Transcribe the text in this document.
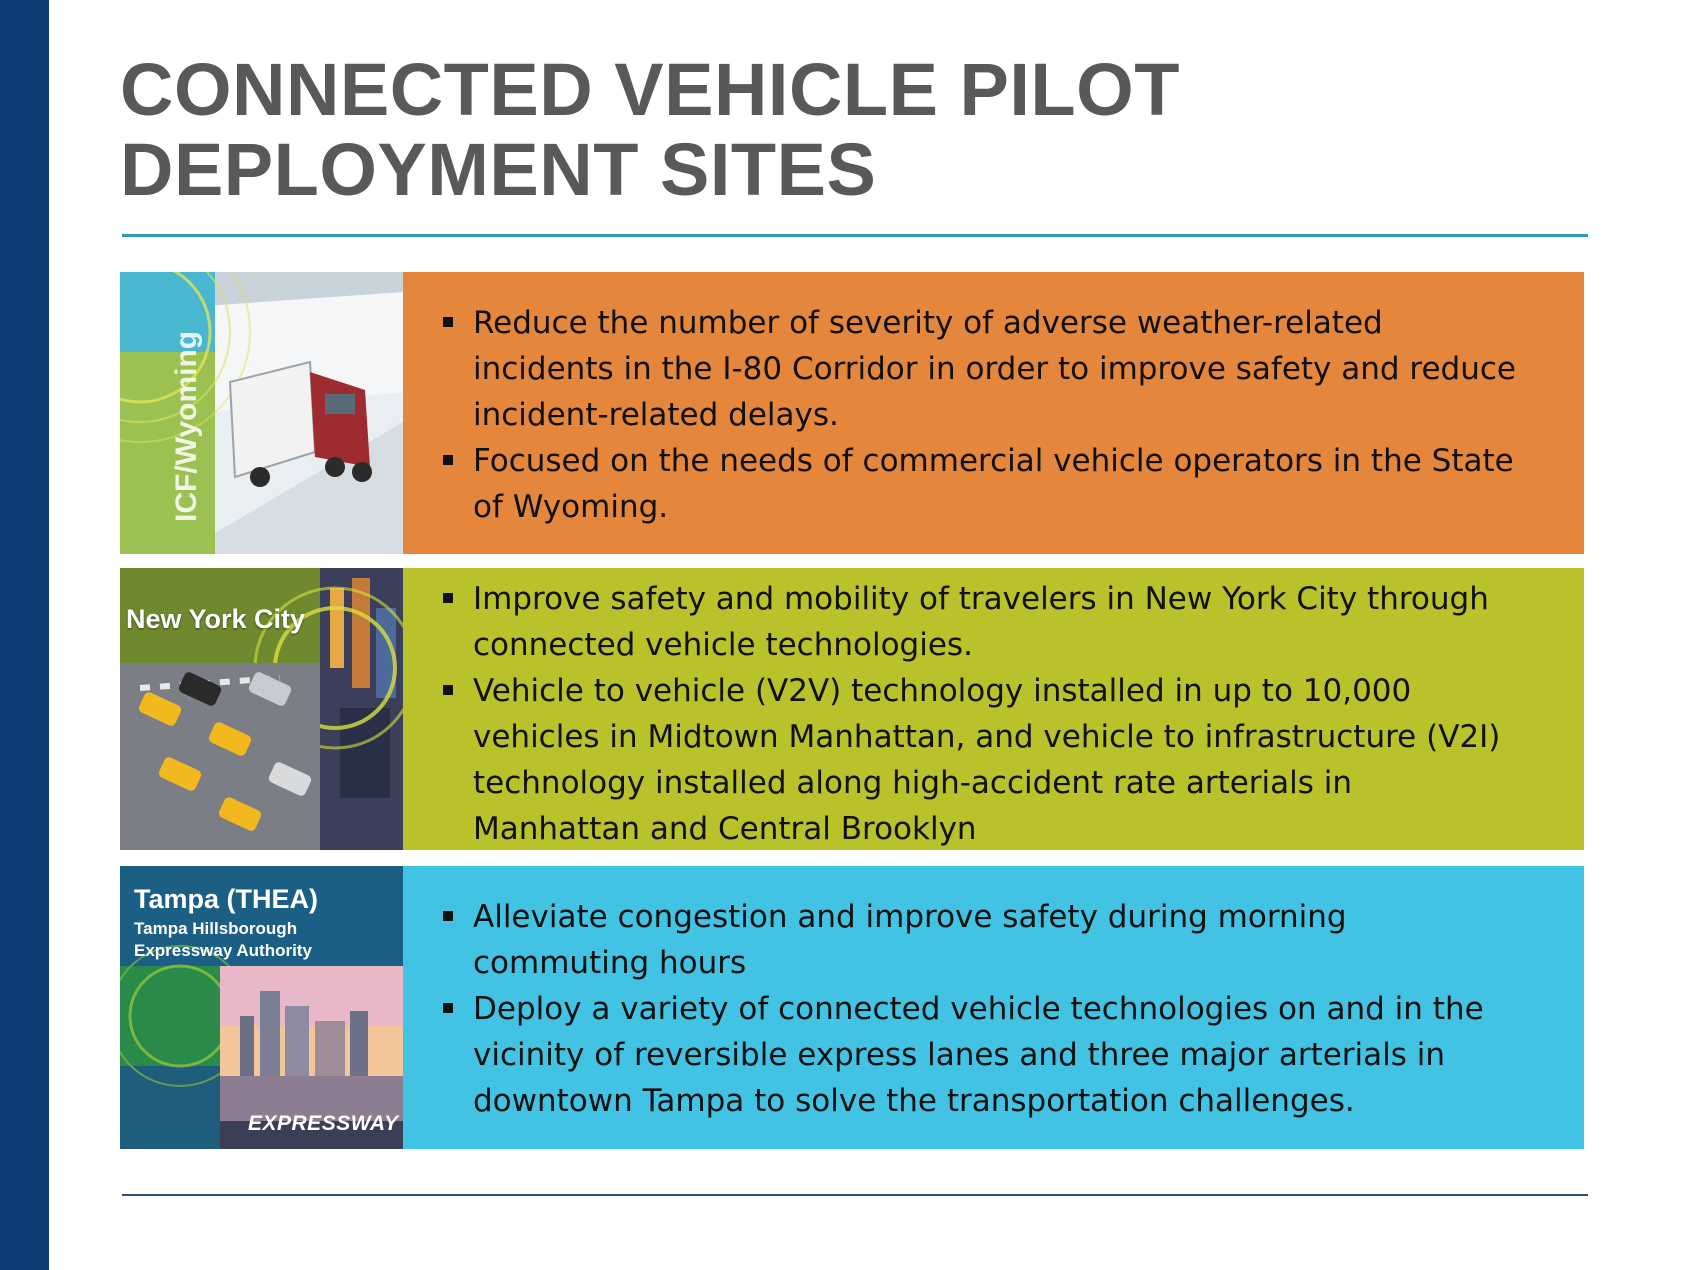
CONNECTED VEHICLE PILOT
DEPLOYMENT SITES
ICF/Wyoming
Reduce the number of severity of adverse weather-related incidents in the I-80 Corridor in order to improve safety and reduce incident-related delays.
Focused on the needs of commercial vehicle operators in the State of Wyoming.
New York City
Improve safety and mobility of travelers in New York City through connected vehicle technologies.
Vehicle to vehicle (V2V) technology installed in up to 10,000 vehicles in Midtown Manhattan, and vehicle to infrastructure (V2I) technology installed along high-accident rate arterials in Manhattan and Central Brooklyn
Tampa (THEA)
Tampa Hillsborough
Expressway Authority
EXPRESSWAY
Alleviate congestion and improve safety during morning commuting hours
Deploy a variety of connected vehicle technologies on and in the vicinity of reversible express lanes and three major arterials in downtown Tampa to solve the transportation challenges.
